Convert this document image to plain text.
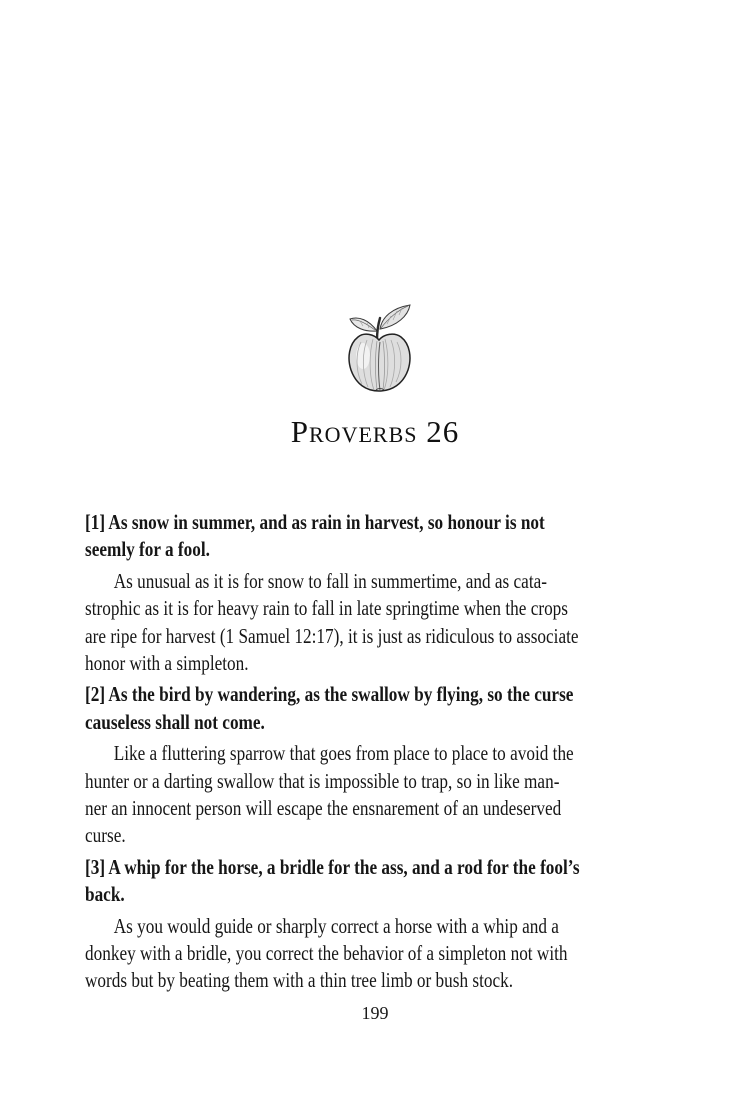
Proverbs 26
[1] As snow in summer, and as rain in harvest, so honour is not
seemly for a fool.
As unusual as it is for snow to fall in summertime, and as cata-
strophic as it is for heavy rain to fall in late springtime when the crops
are ripe for harvest (1 Samuel 12:17), it is just as ridiculous to associate
honor with a simpleton.
[2] As the bird by wandering, as the swallow by flying, so the curse
causeless shall not come.
Like a fluttering sparrow that goes from place to place to avoid the
hunter or a darting swallow that is impossible to trap, so in like man-
ner an innocent person will escape the ensnarement of an undeserved
curse.
[3] A whip for the horse, a bridle for the ass, and a rod for the fool’s
back.
As you would guide or sharply correct a horse with a whip and a
donkey with a bridle, you correct the behavior of a simpleton not with
words but by beating them with a thin tree limb or bush stock.
199
